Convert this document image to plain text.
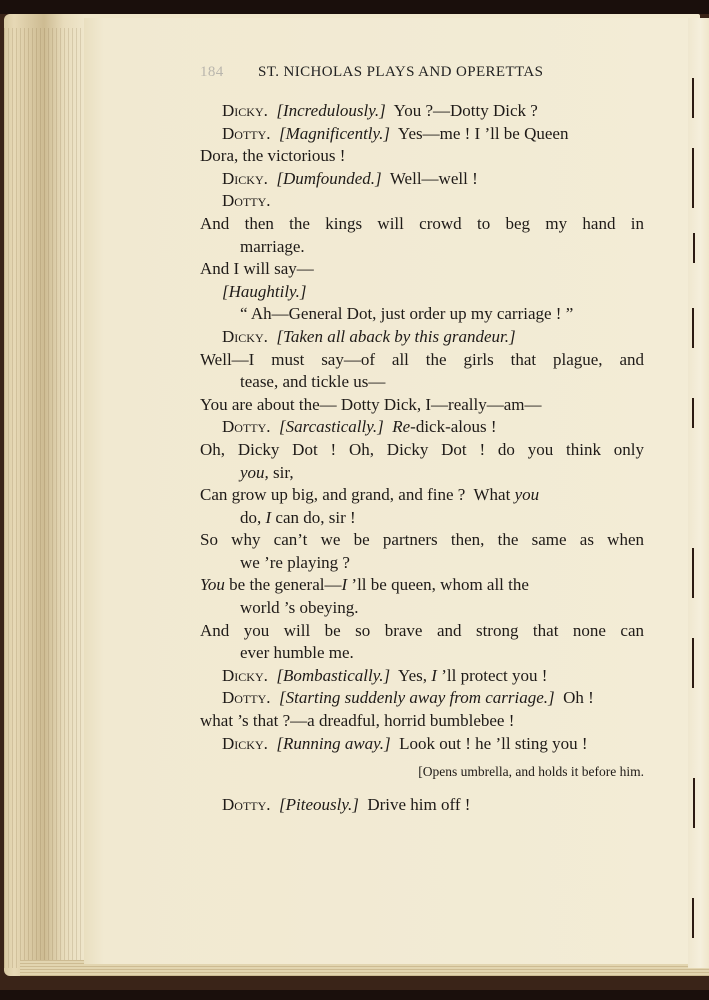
184 ST. NICHOLAS PLAYS AND OPERETTAS
Dicky. [Incredulously.] You ?—Dotty Dick ?
Dotty. [Magnificently.] Yes—me ! I ’ll be Queen
Dora, the victorious !
Dicky. [Dumfounded.] Well—well !
Dotty.
And then the kings will crowd to beg my hand in
marriage.
And I will say—
[Haughtily.]
“ Ah—General Dot, just order up my carriage ! ”
Dicky. [Taken all aback by this grandeur.]
Well—I must say—of all the girls that plague, and
tease, and tickle us—
You are about the— Dotty Dick, I—really—am—
Dotty. [Sarcastically.] Re-dick-alous !
Oh, Dicky Dot ! Oh, Dicky Dot ! do you think only
you, sir,
Can grow up big, and grand, and fine ?  What you
do, I can do, sir !
So why can’t we be partners then, the same as when
we ’re playing ?
You be the general—I ’ll be queen, whom all the
world ’s obeying.
And you will be so brave and strong that none can
ever humble me.
Dicky. [Bombastically.] Yes, I ’ll protect you !
Dotty. [Starting suddenly away from carriage.] Oh !
what ’s that ?—a dreadful, horrid bumblebee !
Dicky. [Running away.] Look out ! he ’ll sting you !
[Opens umbrella, and holds it before him.
Dotty. [Piteously.] Drive him off !
